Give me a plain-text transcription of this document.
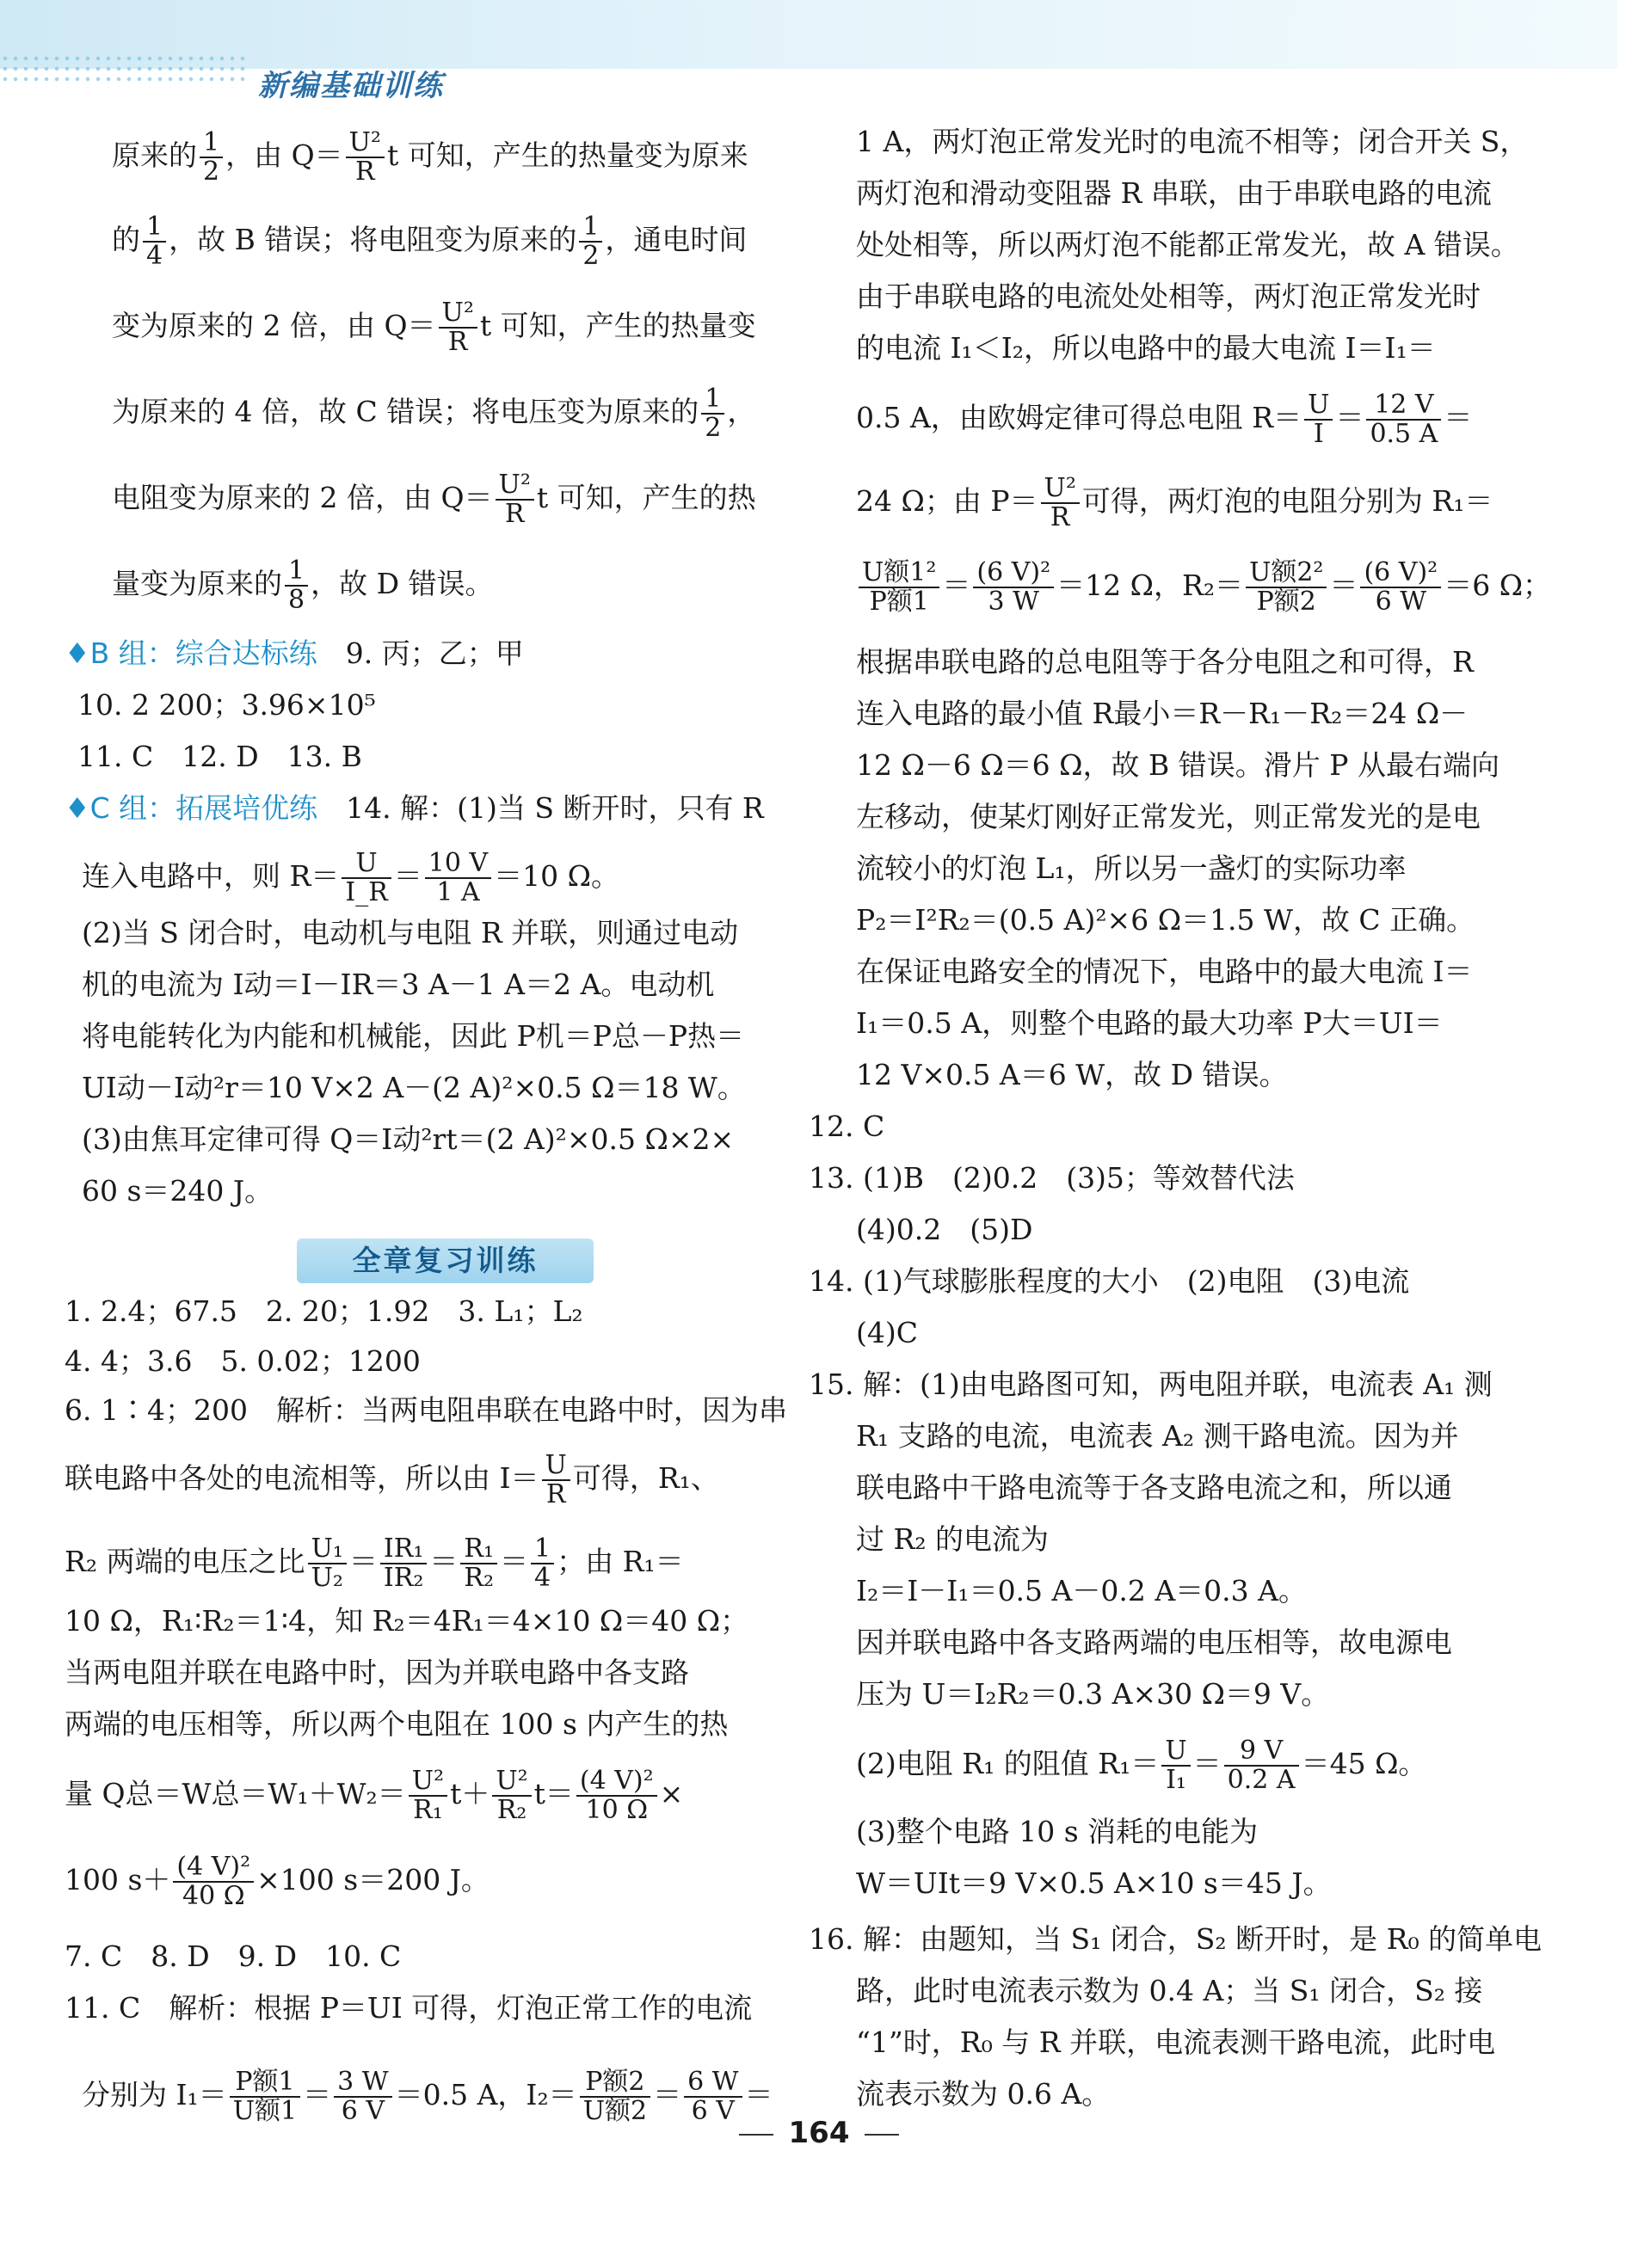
新编基础训练
原来的 $\frac{1}{2}$ ，由 $Q= \frac{\text{U²}}{R}$ t 可知，产生的热量变为原来
的 $\frac{1}{4}$ ，故 B 错误；将电阻变为原来的 $\frac{1}{2}$ ，通电时间
变为原来的 2 倍，由 $Q= \frac{\text{U²}}{R}$ t 可知，产生的热量变
为原来的 4 倍，故 C 错误；将电压变为原来的 $\frac{1}{2}$ ，
电阻变为原来的 2 倍，由 $Q= \frac{\text{U²}}{R}$ t 可知，产生的热
量变为原来的 $\frac{1}{8}$ ，故 D 错误。
♦B 组：综合达标练　 9. 丙；乙；甲
10. 2 200；3.96×10⁵
11. C　12. D　13. B
♦C 组：拓展培优练　 14. 解：(1)当 S 断开时，只有 R
连入电路中，则 $R= \frac{U}{I\_R} = \frac{10 V}{1 A} =10$ Ω。
(2)当 S 闭合时，电动机与电阻 R 并联，则通过电动
机的电流为 I动＝I－IR＝3 A－1 A＝2 A。电动机
将电能转化为内能和机械能，因此 P机＝P总－P热＝
UI动－I动²r＝10 V×2 A－(2 A)²×0.5 Ω＝18 W。
(3)由焦耳定律可得 Q＝I动²rt＝(2 A)²×0.5 Ω×2×
60 s＝240 J。
1. 2.4；67.5　2. 20；1.92　3. L₁；L₂
4. 4；3.6　5. 0.02；1200
6. 1∶4；200　解析：当两电阻串联在电路中时，因为串
联电路中各处的电流相等，所以由 $I= \frac{U}{R}$ 可得，R₁、
R₂ 两端的电压之比 $\frac{\text{U₁}}{\text{U₂}} = \frac{\text{IR₁}}{\text{IR₂}} = \frac{\text{R₁}}{\text{R₂}} = \frac{1}{4}$ ；由 R₁＝
10 Ω，R₁∶R₂＝1∶4，知 R₂＝4R₁＝4×10 Ω＝40 Ω；
当两电阻并联在电路中时，因为并联电路中各支路
两端的电压相等，所以两个电阻在 100 s 内产生的热
量 Q总＝W总$=W_1+W_2= \frac{\text{U²}}{\text{R₁}} t+ \frac{\text{U²}}{\text{R₂}} t= \frac{\text{(4 V)²}}{10 \Omega}$ ×
100 $s+ \frac{\text{(4 V)²}}{40 \Omega} \times 100$ s＝200 J。
7. C　8. D　9. D　10. C
11. C　解析：根据 P＝UI 可得，灯泡正常工作的电流
分别为 $I_1= \frac{\text{P额1}}{\text{U额1}} = \frac{3 W}{6 V} =0.5$ A，$I_2= \frac{\text{P额2}}{\text{U额2}} = \frac{6 W}{6 V}$ ＝
全章复习训练
1 A，两灯泡正常发光时的电流不相等；闭合开关 S，
两灯泡和滑动变阻器 R 串联，由于串联电路的电流
处处相等，所以两灯泡不能都正常发光，故 A 错误。
由于串联电路的电流处处相等，两灯泡正常发光时
的电流 I₁＜I₂，所以电路中的最大电流 I＝I₁＝
0.5 A，由欧姆定律可得总电阻 $R= \frac{U}{I} = \frac{12 V}{0.5 A}$ ＝
24 Ω；由 $P= \frac{\text{U²}}{R}$ 可得，两灯泡的电阻分别为 R₁＝
$\frac{\text{U额1²}}{\text{P额1}} = \frac{\text{(6 V)²}}{3 W} =12$ Ω，$R_2= \frac{\text{U额2²}}{\text{P额2}} = \frac{\text{(6 V)²}}{6 W} =6$ Ω；
根据串联电路的总电阻等于各分电阻之和可得，R
连入电路的最小值 R最小＝R－R₁－R₂＝24 Ω－
12 Ω－6 Ω＝6 Ω，故 B 错误。滑片 P 从最右端向
左移动，使某灯刚好正常发光，则正常发光的是电
流较小的灯泡 L₁，所以另一盏灯的实际功率
P₂＝I²R₂＝(0.5 A)²×6 Ω＝1.5 W，故 C 正确。
在保证电路安全的情况下，电路中的最大电流 I＝
I₁＝0.5 A，则整个电路的最大功率 P大＝UI＝
12 V×0.5 A＝6 W，故 D 错误。
12. C
13. (1)B　(2)0.2　(3)5；等效替代法
(4)0.2　(5)D
14. (1)气球膨胀程度的大小　(2)电阻　(3)电流
(4)C
15. 解：(1)由电路图可知，两电阻并联，电流表 A₁ 测
R₁ 支路的电流，电流表 A₂ 测干路电流。因为并
联电路中干路电流等于各支路电流之和，所以通
过 R₂ 的电流为
I₂＝I－I₁＝0.5 A－0.2 A＝0.3 A。
因并联电路中各支路两端的电压相等，故电源电
压为 U＝I₂R₂＝0.3 A×30 Ω＝9 V。
(2)电阻 R₁ 的阻值 $R_1= \frac{U}{\text{I₁}} = \frac{9 V}{0.2 A} =45$ Ω。
(3)整个电路 10 s 消耗的电能为
W＝UIt＝9 V×0.5 A×10 s＝45 J。
16. 解：由题知，当 S₁ 闭合，S₂ 断开时，是 R₀ 的简单电
路，此时电流表示数为 0.4 A；当 S₁ 闭合，S₂ 接
“1”时，R₀ 与 R 并联，电流表测干路电流，此时电
流表示数为 0.6 A。
164
